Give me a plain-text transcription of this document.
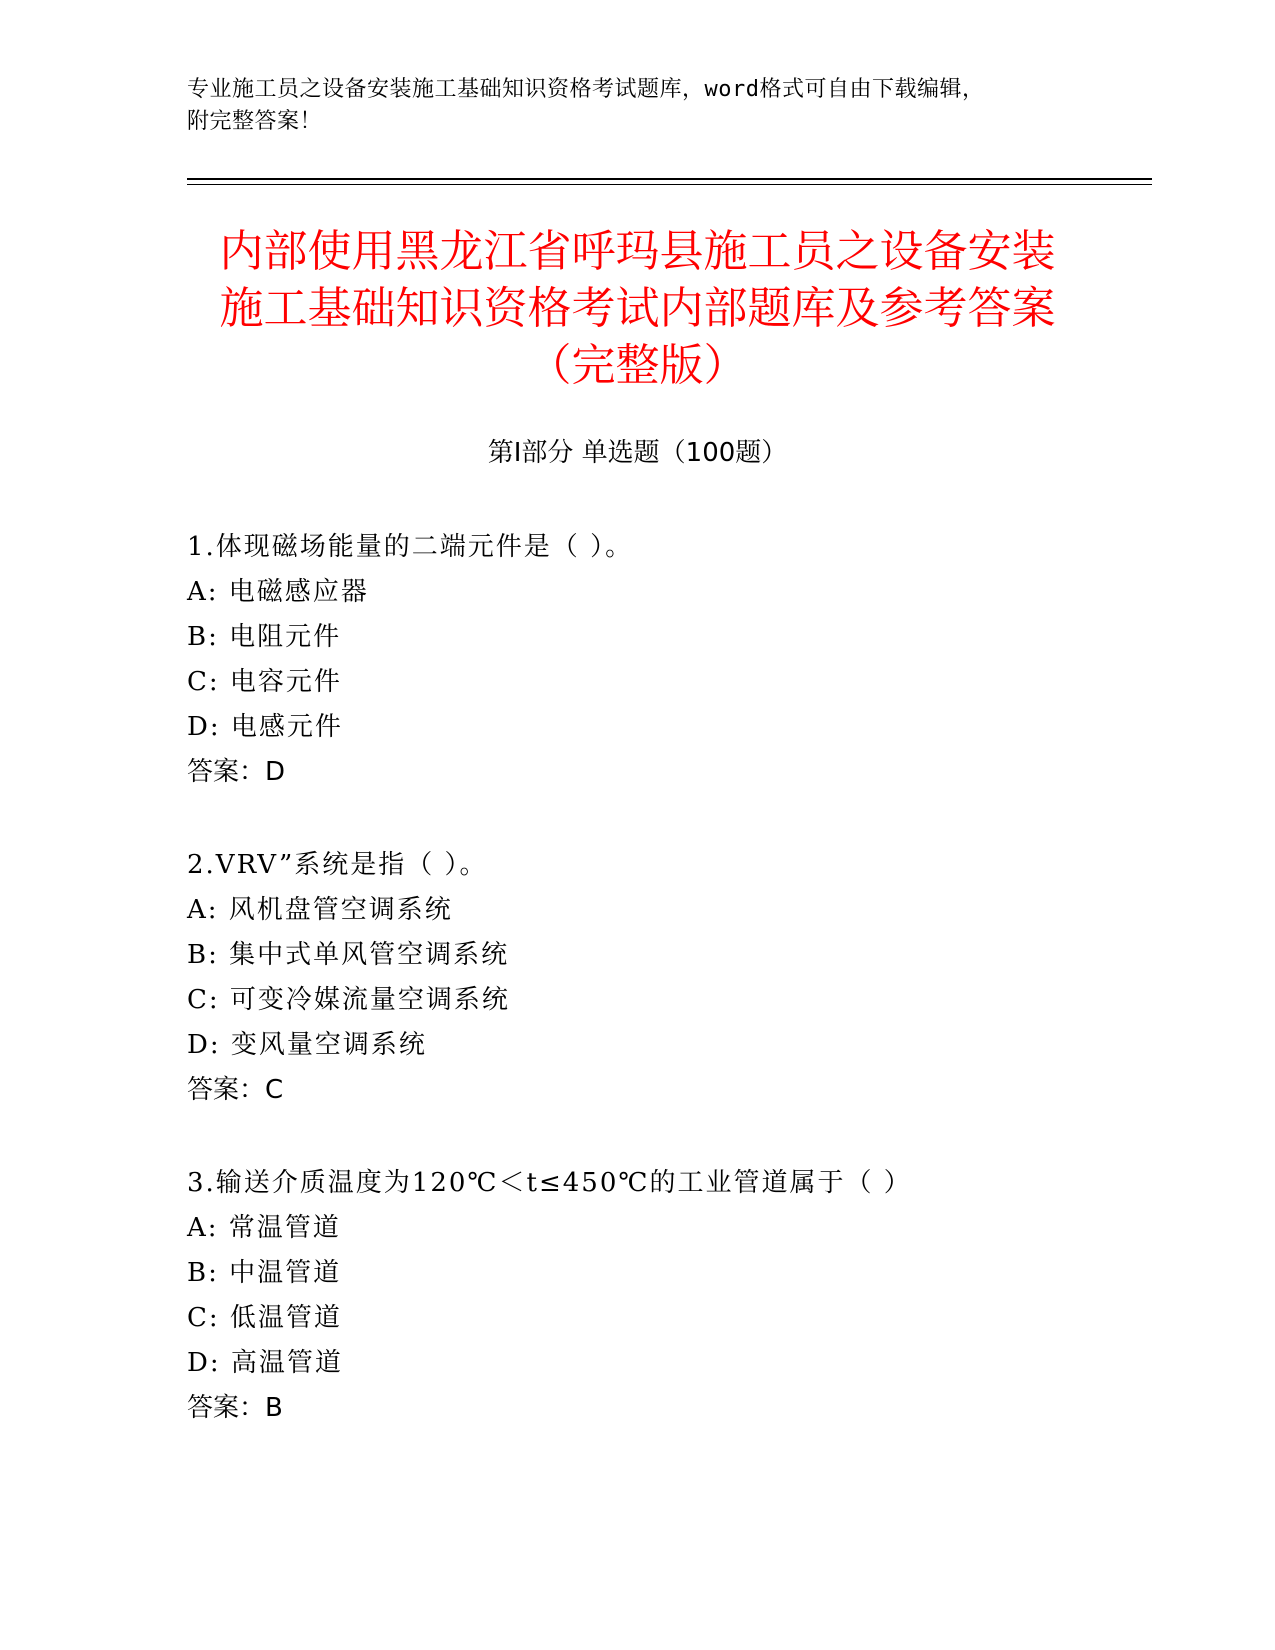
专业施工员之设备安装施工基础知识资格考试题库，word格式可自由下载编辑，
附完整答案！
内部使用黑龙江省呼玛县施工员之设备安装
施工基础知识资格考试内部题库及参考答案
（完整版）
第Ⅰ部分 单选题（100题）
1.体现磁场能量的二端元件是（ ）。
A: 电磁感应器
B: 电阻元件
C: 电容元件
D: 电感元件
答案：D
2.VRV”系统是指（ ）。
A: 风机盘管空调系统
B: 集中式单风管空调系统
C: 可变冷媒流量空调系统
D: 变风量空调系统
答案：C
3.输送介质温度为120℃＜t≤450℃的工业管道属于（ ）
A: 常温管道
B: 中温管道
C: 低温管道
D: 高温管道
答案：B
